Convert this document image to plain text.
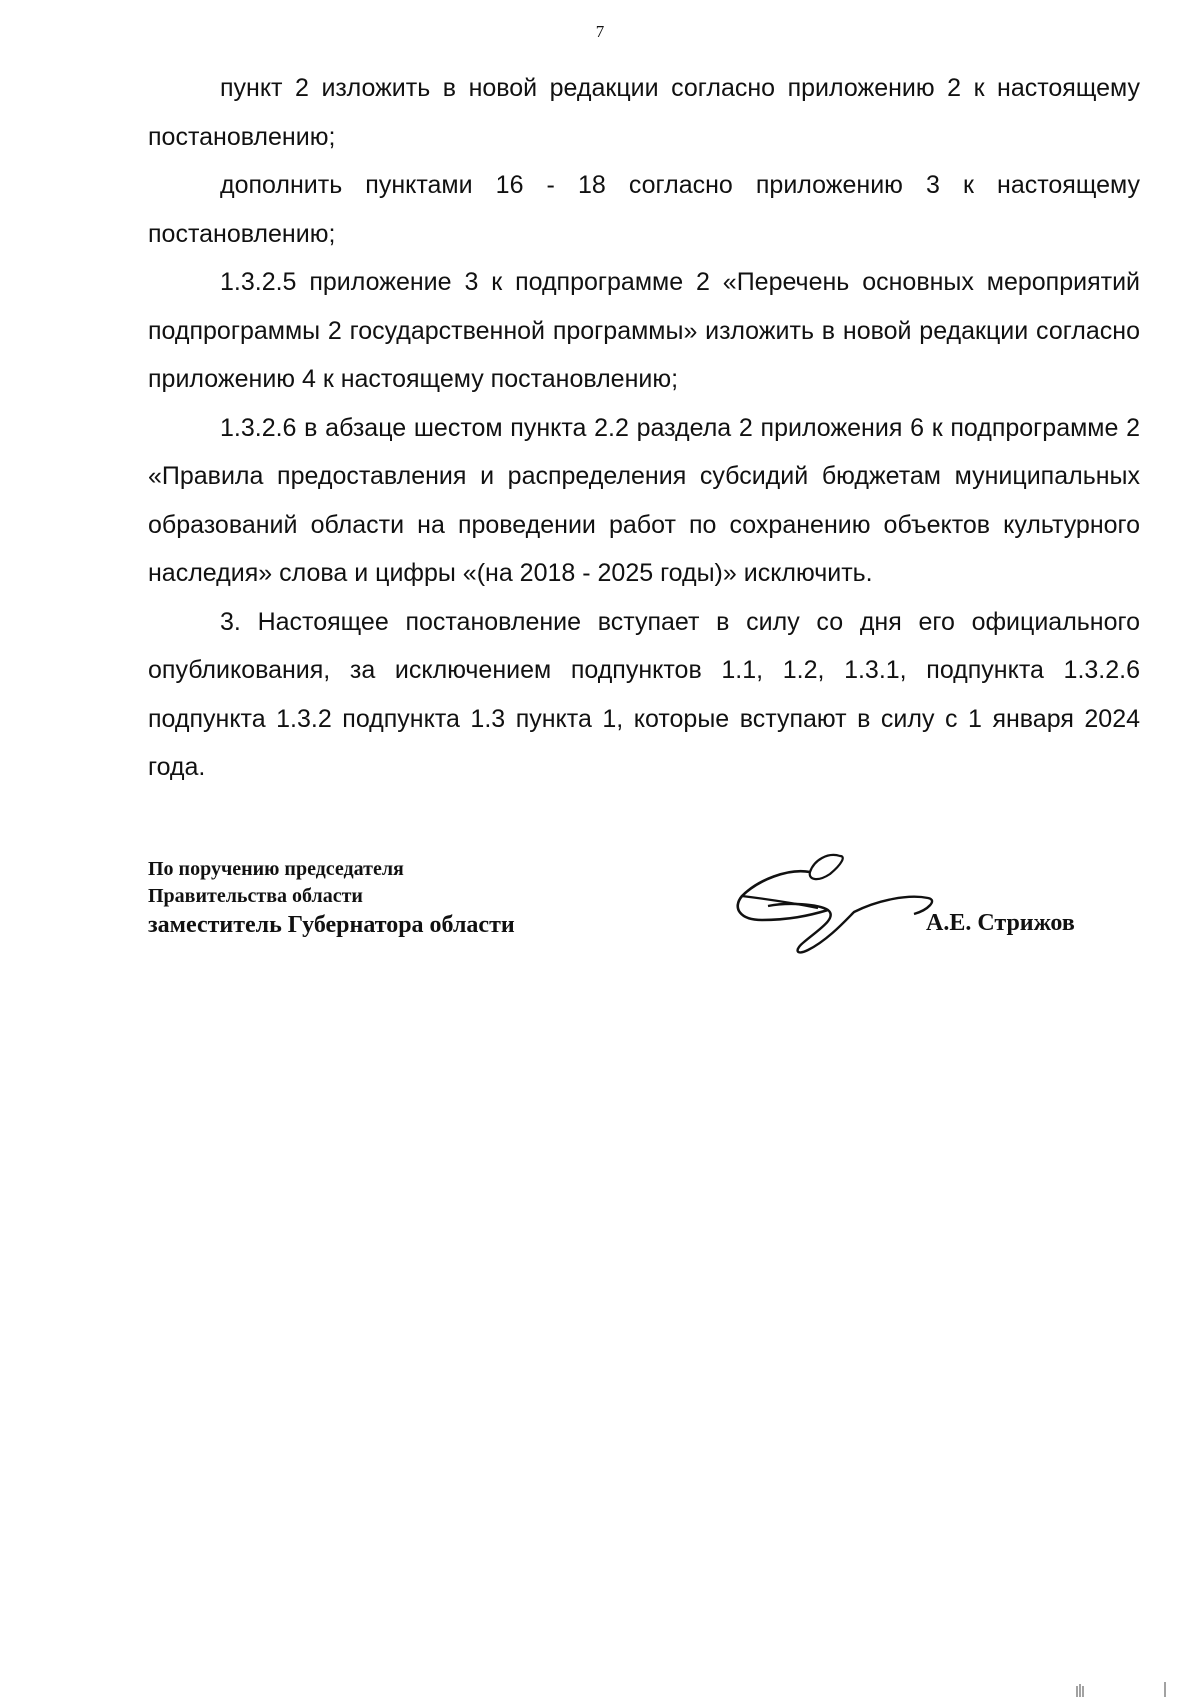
7

пункт 2 изложить в новой редакции согласно приложению 2 к настоящему постановлению;

дополнить пунктами 16 - 18 согласно приложению 3 к настоящему постановлению;

1.3.2.5 приложение 3 к подпрограмме 2 «Перечень основных мероприятий подпрограммы 2 государственной программы» изложить в новой редакции согласно приложению 4 к настоящему постановлению;

1.3.2.6 в абзаце шестом пункта 2.2 раздела 2 приложения 6 к подпрограмме 2 «Правила предоставления и распределения субсидий бюджетам муниципальных образований области на проведении работ по сохранению объектов культурного наследия» слова и цифры «(на 2018 - 2025 годы)» исключить.

3. Настоящее постановление вступает в силу со дня его официального опубликования, за исключением подпунктов 1.1, 1.2, 1.3.1, подпункта 1.3.2.6 подпункта 1.3.2 подпункта 1.3 пункта 1, которые вступают в силу с 1 января 2024 года.

По поручению председателя
Правительства области
заместитель Губернатора области	А.Е. Стрижов
